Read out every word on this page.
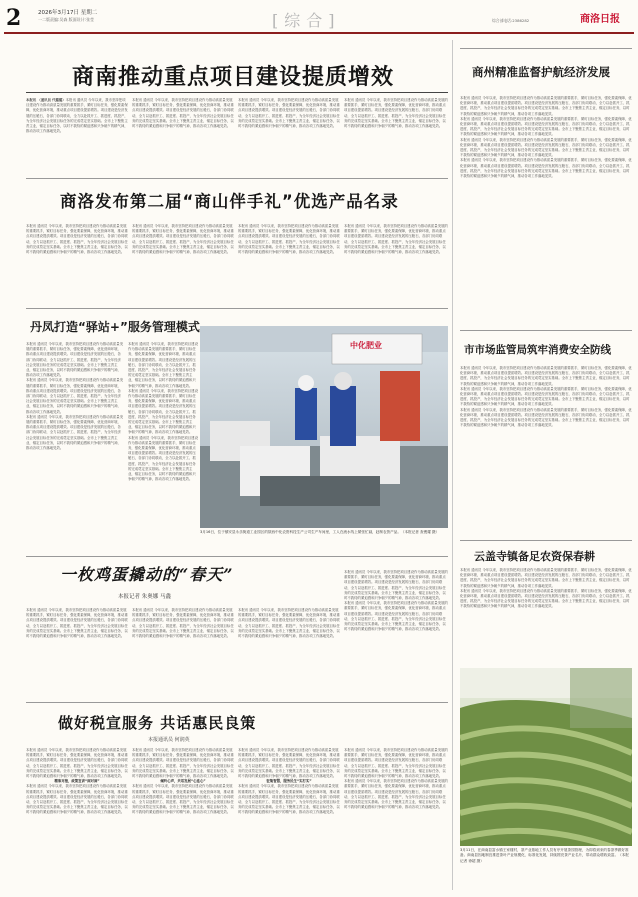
2	2026年3月17日 星期二
一二版责编:吴森 版面设计:张莹	[综合]	综合部电话:2386282	商洛日报
商南推动重点项目建设提质增效

本报讯 （通讯员 代璐璐）本报讯 通讯员 今年以来，我市坚持把项目建设作为推动高质量发展的重要抓手，紧盯目标任务，强化要素保障，优化营商环境，推动重点项目建设提质增效。项目建设是经济发展的压舱石，各部门协同联动，全力以赴抓开工、抓进度、抓投产，为全年经济社会发展目标任务的完成奠定坚实基础。全市上下聚焦主责主业，锚定目标任务，以时不我待的紧迫感和只争朝夕的精气神，推动各项工作落地见效。

本报讯 通讯员 今年以来，我市坚持把项目建设作为推动高质量发展的重要抓手，紧盯目标任务，强化要素保障，优化营商环境，推动重点项目建设提质增效。项目建设是经济发展的压舱石，各部门协同联动，全力以赴抓开工、抓进度、抓投产，为全年经济社会发展目标任务的完成奠定坚实基础。全市上下聚焦主责主业，锚定目标任务，以时不我待的紧迫感和只争朝夕的精气神，推动各项工作落地见效。

本报讯 通讯员 今年以来，我市坚持把项目建设作为推动高质量发展的重要抓手，紧盯目标任务，强化要素保障，优化营商环境，推动重点项目建设提质增效。项目建设是经济发展的压舱石，各部门协同联动，全力以赴抓开工、抓进度、抓投产，为全年经济社会发展目标任务的完成奠定坚实基础。全市上下聚焦主责主业，锚定目标任务，以时不我待的紧迫感和只争朝夕的精气神，推动各项工作落地见效。

本报讯 通讯员 今年以来，我市坚持把项目建设作为推动高质量发展的重要抓手，紧盯目标任务，强化要素保障，优化营商环境，推动重点项目建设提质增效。项目建设是经济发展的压舱石，各部门协同联动，全力以赴抓开工、抓进度、抓投产，为全年经济社会发展目标任务的完成奠定坚实基础。全市上下聚焦主责主业，锚定目标任务，以时不我待的紧迫感和只争朝夕的精气神，推动各项工作落地见效。

商洛发布第二届“商山伴手礼”优选产品名录

本报讯 通讯员 今年以来，我市坚持把项目建设作为推动高质量发展的重要抓手，紧盯目标任务，强化要素保障，优化营商环境，推动重点项目建设提质增效。项目建设是经济发展的压舱石，各部门协同联动，全力以赴抓开工、抓进度、抓投产，为全年经济社会发展目标任务的完成奠定坚实基础。全市上下聚焦主责主业，锚定目标任务，以时不我待的紧迫感和只争朝夕的精气神，推动各项工作落地见效。

本报讯 通讯员 今年以来，我市坚持把项目建设作为推动高质量发展的重要抓手，紧盯目标任务，强化要素保障，优化营商环境，推动重点项目建设提质增效。项目建设是经济发展的压舱石，各部门协同联动，全力以赴抓开工、抓进度、抓投产，为全年经济社会发展目标任务的完成奠定坚实基础。全市上下聚焦主责主业，锚定目标任务，以时不我待的紧迫感和只争朝夕的精气神，推动各项工作落地见效。

本报讯 通讯员 今年以来，我市坚持把项目建设作为推动高质量发展的重要抓手，紧盯目标任务，强化要素保障，优化营商环境，推动重点项目建设提质增效。项目建设是经济发展的压舱石，各部门协同联动，全力以赴抓开工、抓进度、抓投产，为全年经济社会发展目标任务的完成奠定坚实基础。全市上下聚焦主责主业，锚定目标任务，以时不我待的紧迫感和只争朝夕的精气神，推动各项工作落地见效。

本报讯 通讯员 今年以来，我市坚持把项目建设作为推动高质量发展的重要抓手，紧盯目标任务，强化要素保障，优化营商环境，推动重点项目建设提质增效。项目建设是经济发展的压舱石，各部门协同联动，全力以赴抓开工、抓进度、抓投产，为全年经济社会发展目标任务的完成奠定坚实基础。全市上下聚焦主责主业，锚定目标任务，以时不我待的紧迫感和只争朝夕的精气神，推动各项工作落地见效。

丹凤打造“驿站+”服务管理模式

本报讯 通讯员 今年以来，我市坚持把项目建设作为推动高质量发展的重要抓手，紧盯目标任务，强化要素保障，优化营商环境，推动重点项目建设提质增效。项目建设是经济发展的压舱石，各部门协同联动，全力以赴抓开工、抓进度、抓投产，为全年经济社会发展目标任务的完成奠定坚实基础。全市上下聚焦主责主业，锚定目标任务，以时不我待的紧迫感和只争朝夕的精气神，推动各项工作落地见效。

本报讯 通讯员 今年以来，我市坚持把项目建设作为推动高质量发展的重要抓手，紧盯目标任务，强化要素保障，优化营商环境，推动重点项目建设提质增效。项目建设是经济发展的压舱石，各部门协同联动，全力以赴抓开工、抓进度、抓投产，为全年经济社会发展目标任务的完成奠定坚实基础。全市上下聚焦主责主业，锚定目标任务，以时不我待的紧迫感和只争朝夕的精气神，推动各项工作落地见效。

本报讯 通讯员 今年以来，我市坚持把项目建设作为推动高质量发展的重要抓手，紧盯目标任务，强化要素保障，优化营商环境，推动重点项目建设提质增效。项目建设是经济发展的压舱石，各部门协同联动，全力以赴抓开工、抓进度、抓投产，为全年经济社会发展目标任务的完成奠定坚实基础。全市上下聚焦主责主业，锚定目标任务，以时不我待的紧迫感和只争朝夕的精气神，推动各项工作落地见效。

本报讯 通讯员 今年以来，我市坚持把项目建设作为推动高质量发展的重要抓手，紧盯目标任务，强化要素保障，优化营商环境，推动重点项目建设提质增效。项目建设是经济发展的压舱石，各部门协同联动，全力以赴抓开工、抓进度、抓投产，为全年经济社会发展目标任务的完成奠定坚实基础。全市上下聚焦主责主业，锚定目标任务，以时不我待的紧迫感和只争朝夕的精气神，推动各项工作落地见效。

本报讯 通讯员 今年以来，我市坚持把项目建设作为推动高质量发展的重要抓手，紧盯目标任务，强化要素保障，优化营商环境，推动重点项目建设提质增效。项目建设是经济发展的压舱石，各部门协同联动，全力以赴抓开工、抓进度、抓投产，为全年经济社会发展目标任务的完成奠定坚实基础。全市上下聚焦主责主业，锚定目标任务，以时不我待的紧迫感和只争朝夕的精气神，推动各项工作落地见效。

本报讯 通讯员 今年以来，我市坚持把项目建设作为推动高质量发展的重要抓手，紧盯目标任务，强化要素保障，优化营商环境，推动重点项目建设提质增效。项目建设是经济发展的压舱石，各部门协同联动，全力以赴抓开工、抓进度、抓投产，为全年经济社会发展目标任务的完成奠定坚实基础。全市上下聚焦主责主业，锚定目标任务，以时不我待的紧迫感和只争朝夕的精气神，推动各项工作落地见效。

中化肥业
3月16日，位于镇安县永乐街道工业园区的陕西中化农资科技生产公司生产车间里，工人在流水线上紧张忙碌，赶制农资产品。（本报记者 查俊耀 摄）
一枚鸡蛋撬动的“春天”
本报记者 朱奥娜 马鑫

本报讯 通讯员 今年以来，我市坚持把项目建设作为推动高质量发展的重要抓手，紧盯目标任务，强化要素保障，优化营商环境，推动重点项目建设提质增效。项目建设是经济发展的压舱石，各部门协同联动，全力以赴抓开工、抓进度、抓投产，为全年经济社会发展目标任务的完成奠定坚实基础。全市上下聚焦主责主业，锚定目标任务，以时不我待的紧迫感和只争朝夕的精气神，推动各项工作落地见效。

本报讯 通讯员 今年以来，我市坚持把项目建设作为推动高质量发展的重要抓手，紧盯目标任务，强化要素保障，优化营商环境，推动重点项目建设提质增效。项目建设是经济发展的压舱石，各部门协同联动，全力以赴抓开工、抓进度、抓投产，为全年经济社会发展目标任务的完成奠定坚实基础。全市上下聚焦主责主业，锚定目标任务，以时不我待的紧迫感和只争朝夕的精气神，推动各项工作落地见效。

本报讯 通讯员 今年以来，我市坚持把项目建设作为推动高质量发展的重要抓手，紧盯目标任务，强化要素保障，优化营商环境，推动重点项目建设提质增效。项目建设是经济发展的压舱石，各部门协同联动，全力以赴抓开工、抓进度、抓投产，为全年经济社会发展目标任务的完成奠定坚实基础。全市上下聚焦主责主业，锚定目标任务，以时不我待的紧迫感和只争朝夕的精气神，推动各项工作落地见效。

本报讯 通讯员 今年以来，我市坚持把项目建设作为推动高质量发展的重要抓手，紧盯目标任务，强化要素保障，优化营商环境，推动重点项目建设提质增效。项目建设是经济发展的压舱石，各部门协同联动，全力以赴抓开工、抓进度、抓投产，为全年经济社会发展目标任务的完成奠定坚实基础。全市上下聚焦主责主业，锚定目标任务，以时不我待的紧迫感和只争朝夕的精气神，推动各项工作落地见效。

本报讯 通讯员 今年以来，我市坚持把项目建设作为推动高质量发展的重要抓手，紧盯目标任务，强化要素保障，优化营商环境，推动重点项目建设提质增效。项目建设是经济发展的压舱石，各部门协同联动，全力以赴抓开工、抓进度、抓投产，为全年经济社会发展目标任务的完成奠定坚实基础。全市上下聚焦主责主业，锚定目标任务，以时不我待的紧迫感和只争朝夕的精气神，推动各项工作落地见效。

做好税宣服务 共话惠民良策
本报通讯员 何润英

本报讯 通讯员 今年以来，我市坚持把项目建设作为推动高质量发展的重要抓手，紧盯目标任务，强化要素保障，优化营商环境，推动重点项目建设提质增效。项目建设是经济发展的压舱石，各部门协同联动，全力以赴抓开工、抓进度、抓投产，为全年经济社会发展目标任务的完成奠定坚实基础。全市上下聚焦主责主业，锚定目标任务，以时不我待的紧迫感和只争朝夕的精气神，推动各项工作落地见效。

精准对接，政策宣讲“面对面”

本报讯 通讯员 今年以来，我市坚持把项目建设作为推动高质量发展的重要抓手，紧盯目标任务，强化要素保障，优化营商环境，推动重点项目建设提质增效。项目建设是经济发展的压舱石，各部门协同联动，全力以赴抓开工、抓进度、抓投产，为全年经济社会发展目标任务的完成奠定坚实基础。全市上下聚焦主责主业，锚定目标任务，以时不我待的紧迫感和只争朝夕的精气神，推动各项工作落地见效。

本报讯 通讯员 今年以来，我市坚持把项目建设作为推动高质量发展的重要抓手，紧盯目标任务，强化要素保障，优化营商环境，推动重点项目建设提质增效。项目建设是经济发展的压舱石，各部门协同联动，全力以赴抓开工、抓进度、抓投产，为全年经济社会发展目标任务的完成奠定坚实基础。全市上下聚焦主责主业，锚定目标任务，以时不我待的紧迫感和只争朝夕的精气神，推动各项工作落地见效。

倾听心声，共话发展“心连心”

本报讯 通讯员 今年以来，我市坚持把项目建设作为推动高质量发展的重要抓手，紧盯目标任务，强化要素保障，优化营商环境，推动重点项目建设提质增效。项目建设是经济发展的压舱石，各部门协同联动，全力以赴抓开工、抓进度、抓投产，为全年经济社会发展目标任务的完成奠定坚实基础。全市上下聚焦主责主业，锚定目标任务，以时不我待的紧迫感和只争朝夕的精气神，推动各项工作落地见效。

本报讯 通讯员 今年以来，我市坚持把项目建设作为推动高质量发展的重要抓手，紧盯目标任务，强化要素保障，优化营商环境，推动重点项目建设提质增效。项目建设是经济发展的压舱石，各部门协同联动，全力以赴抓开工、抓进度、抓投产，为全年经济社会发展目标任务的完成奠定坚实基础。全市上下聚焦主责主业，锚定目标任务，以时不我待的紧迫感和只争朝夕的精气神，推动各项工作落地见效。

征集智慧，服务民生“实打实”

本报讯 通讯员 今年以来，我市坚持把项目建设作为推动高质量发展的重要抓手，紧盯目标任务，强化要素保障，优化营商环境，推动重点项目建设提质增效。项目建设是经济发展的压舱石，各部门协同联动，全力以赴抓开工、抓进度、抓投产，为全年经济社会发展目标任务的完成奠定坚实基础。全市上下聚焦主责主业，锚定目标任务，以时不我待的紧迫感和只争朝夕的精气神，推动各项工作落地见效。

本报讯 通讯员 今年以来，我市坚持把项目建设作为推动高质量发展的重要抓手，紧盯目标任务，强化要素保障，优化营商环境，推动重点项目建设提质增效。项目建设是经济发展的压舱石，各部门协同联动，全力以赴抓开工、抓进度、抓投产，为全年经济社会发展目标任务的完成奠定坚实基础。全市上下聚焦主责主业，锚定目标任务，以时不我待的紧迫感和只争朝夕的精气神，推动各项工作落地见效。

本报讯 通讯员 今年以来，我市坚持把项目建设作为推动高质量发展的重要抓手，紧盯目标任务，强化要素保障，优化营商环境，推动重点项目建设提质增效。项目建设是经济发展的压舱石，各部门协同联动，全力以赴抓开工、抓进度、抓投产，为全年经济社会发展目标任务的完成奠定坚实基础。全市上下聚焦主责主业，锚定目标任务，以时不我待的紧迫感和只争朝夕的精气神，推动各项工作落地见效。

商州精准监督护航经济发展

本报讯 通讯员 今年以来，我市坚持把项目建设作为推动高质量发展的重要抓手，紧盯目标任务，强化要素保障，优化营商环境，推动重点项目建设提质增效。项目建设是经济发展的压舱石，各部门协同联动，全力以赴抓开工、抓进度、抓投产，为全年经济社会发展目标任务的完成奠定坚实基础。全市上下聚焦主责主业，锚定目标任务，以时不我待的紧迫感和只争朝夕的精气神，推动各项工作落地见效。

本报讯 通讯员 今年以来，我市坚持把项目建设作为推动高质量发展的重要抓手，紧盯目标任务，强化要素保障，优化营商环境，推动重点项目建设提质增效。项目建设是经济发展的压舱石，各部门协同联动，全力以赴抓开工、抓进度、抓投产，为全年经济社会发展目标任务的完成奠定坚实基础。全市上下聚焦主责主业，锚定目标任务，以时不我待的紧迫感和只争朝夕的精气神，推动各项工作落地见效。

本报讯 通讯员 今年以来，我市坚持把项目建设作为推动高质量发展的重要抓手，紧盯目标任务，强化要素保障，优化营商环境，推动重点项目建设提质增效。项目建设是经济发展的压舱石，各部门协同联动，全力以赴抓开工、抓进度、抓投产，为全年经济社会发展目标任务的完成奠定坚实基础。全市上下聚焦主责主业，锚定目标任务，以时不我待的紧迫感和只争朝夕的精气神，推动各项工作落地见效。

本报讯 通讯员 今年以来，我市坚持把项目建设作为推动高质量发展的重要抓手，紧盯目标任务，强化要素保障，优化营商环境，推动重点项目建设提质增效。项目建设是经济发展的压舱石，各部门协同联动，全力以赴抓开工、抓进度、抓投产，为全年经济社会发展目标任务的完成奠定坚实基础。全市上下聚焦主责主业，锚定目标任务，以时不我待的紧迫感和只争朝夕的精气神，推动各项工作落地见效。

市市场监管局筑牢消费安全防线

本报讯 通讯员 今年以来，我市坚持把项目建设作为推动高质量发展的重要抓手，紧盯目标任务，强化要素保障，优化营商环境，推动重点项目建设提质增效。项目建设是经济发展的压舱石，各部门协同联动，全力以赴抓开工、抓进度、抓投产，为全年经济社会发展目标任务的完成奠定坚实基础。全市上下聚焦主责主业，锚定目标任务，以时不我待的紧迫感和只争朝夕的精气神，推动各项工作落地见效。

本报讯 通讯员 今年以来，我市坚持把项目建设作为推动高质量发展的重要抓手，紧盯目标任务，强化要素保障，优化营商环境，推动重点项目建设提质增效。项目建设是经济发展的压舱石，各部门协同联动，全力以赴抓开工、抓进度、抓投产，为全年经济社会发展目标任务的完成奠定坚实基础。全市上下聚焦主责主业，锚定目标任务，以时不我待的紧迫感和只争朝夕的精气神，推动各项工作落地见效。

本报讯 通讯员 今年以来，我市坚持把项目建设作为推动高质量发展的重要抓手，紧盯目标任务，强化要素保障，优化营商环境，推动重点项目建设提质增效。项目建设是经济发展的压舱石，各部门协同联动，全力以赴抓开工、抓进度、抓投产，为全年经济社会发展目标任务的完成奠定坚实基础。全市上下聚焦主责主业，锚定目标任务，以时不我待的紧迫感和只争朝夕的精气神，推动各项工作落地见效。

云盖寺镇备足农资保春耕

本报讯 通讯员 今年以来，我市坚持把项目建设作为推动高质量发展的重要抓手，紧盯目标任务，强化要素保障，优化营商环境，推动重点项目建设提质增效。项目建设是经济发展的压舱石，各部门协同联动，全力以赴抓开工、抓进度、抓投产，为全年经济社会发展目标任务的完成奠定坚实基础。全市上下聚焦主责主业，锚定目标任务，以时不我待的紧迫感和只争朝夕的精气神，推动各项工作落地见效。

本报讯 通讯员 今年以来，我市坚持把项目建设作为推动高质量发展的重要抓手，紧盯目标任务，强化要素保障，优化营商环境，推动重点项目建设提质增效。项目建设是经济发展的压舱石，各部门协同联动，全力以赴抓开工、抓进度、抓投产，为全年经济社会发展目标任务的完成奠定坚实基础。全市上下聚焦主责主业，锚定目标任务，以时不我待的紧迫感和只争朝夕的精气神，推动各项工作落地见效。

3月11日，在商南县富水镇王家楼村，茶产业基地工作人员有序开展茶园管理，为即将到来的春茶季做好准备。商南县因地制宜推进茶叶产业规模化、标准化发展，持续擦亮茶产业名片，带动群众增收致富。（本报记者 徐超 摄）
